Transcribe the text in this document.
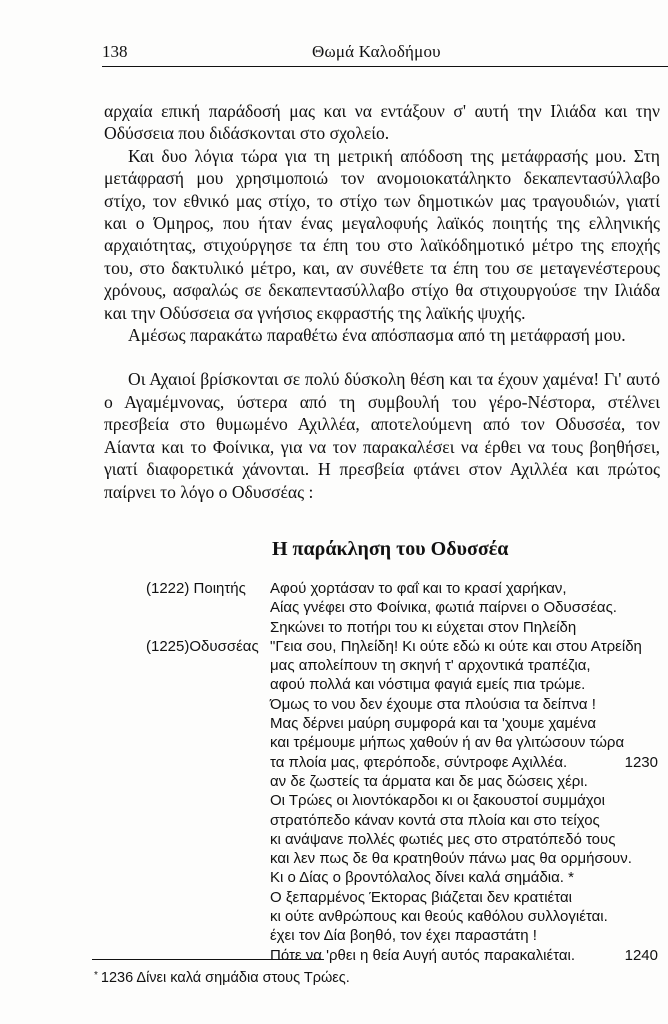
138	Θωμά Καλοδήμου

αρχαία επική παράδοσή μας και να εντάξουν σ' αυτή την Ιλιάδα και την Οδύσσεια που διδάσκονται στο σχολείο.

Και δυο λόγια τώρα για τη μετρική απόδοση της μετάφρασής μου. Στη μετάφρασή μου χρησιμοποιώ τον ανομοιοκατάληκτο δεκαπεντασύλλαβο στίχο, τον εθνικό μας στίχο, το στίχο των δημοτικών μας τραγουδιών, γιατί και ο Όμηρος, που ήταν ένας μεγαλοφυής λαϊκός ποιητής της ελληνικής αρχαιότητας, στιχούργησε τα έπη του στο λαϊκόδημοτικό μέτρο της εποχής του, στο δακτυλικό μέτρο, και, αν συνέθετε τα έπη του σε μεταγενέστερους χρόνους, ασφαλώς σε δεκαπεντασύλλαβο στίχο θα στιχουργούσε την Ιλιάδα και την Οδύσσεια σα γνήσιος εκφραστής της λαϊκής ψυχής.

Αμέσως παρακάτω παραθέτω ένα απόσπασμα από τη μετάφρασή μου.

Οι Αχαιοί βρίσκονται σε πολύ δύσκολη θέση και τα έχουν χαμένα! Γι' αυτό ο Αγαμέμνονας, ύστερα από τη συμβουλή του γέρο-Νέστορα, στέλνει πρεσβεία στο θυμωμένο Αχιλλέα, αποτελούμενη από τον Οδυσσέα, τον Αίαντα και το Φοίνικα, για να τον παρακαλέσει να έρθει να τους βοηθήσει, γιατί διαφορετικά χάνονται. Η πρεσβεία φτάνει στον Αχιλλέα και πρώτος παίρνει το λόγο ο Οδυσσέας :

Η παράκληση του Οδυσσέα
(1222) Ποιητής Αφού χορτάσαν το φαΐ και το κρασί χαρήκαν,
Αίας γνέφει στο Φοίνικα, φωτιά παίρνει ο Οδυσσέας.
Σηκώνει το ποτήρι του κι εύχεται στον Πηλείδη
(1225)Οδυσσέας "Γεια σου, Πηλείδη! Κι ούτε εδώ κι ούτε και στου Ατρείδη
μας απολείπουν τη σκηνή τ' αρχοντικά τραπέζια,
αφού πολλά και νόστιμα φαγιά εμείς πια τρώμε.
Όμως το νου δεν έχουμε στα πλούσια τα δείπνα !
Μας δέρνει μαύρη συμφορά και τα 'χουμε χαμένα
και τρέμουμε μήπως χαθούν ή αν θα γλιτώσουν τώρα
τα πλοία μας, φτερόποδε, σύντροφε Αχιλλέα.	1230
αν δε ζωστείς τα άρματα και δε μας δώσεις χέρι.
Οι Τρώες οι λιοντόκαρδοι κι οι ξακουστοί συμμάχοι
στρατόπεδο κάναν κοντά στα πλοία και στο τείχος
κι ανάψανε πολλές φωτιές μες στο στρατόπεδό τους
και λεν πως δε θα κρατηθούν πάνω μας θα ορμήσουν.
Κι ο Δίας ο βροντόλαλος δίνει καλά σημάδια. *
Ο ξεπαρμένος Έκτορας βιάζεται δεν κρατιέται
κι ούτε ανθρώπους και θεούς καθόλου συλλογιέται.
έχει τον Δία βοηθό, τον έχει παραστάτη !
Πότε να 'ρθει η θεία Αυγή αυτός παρακαλιέται.	1240
* 1236 Δίνει καλά σημάδια στους Τρώες.
